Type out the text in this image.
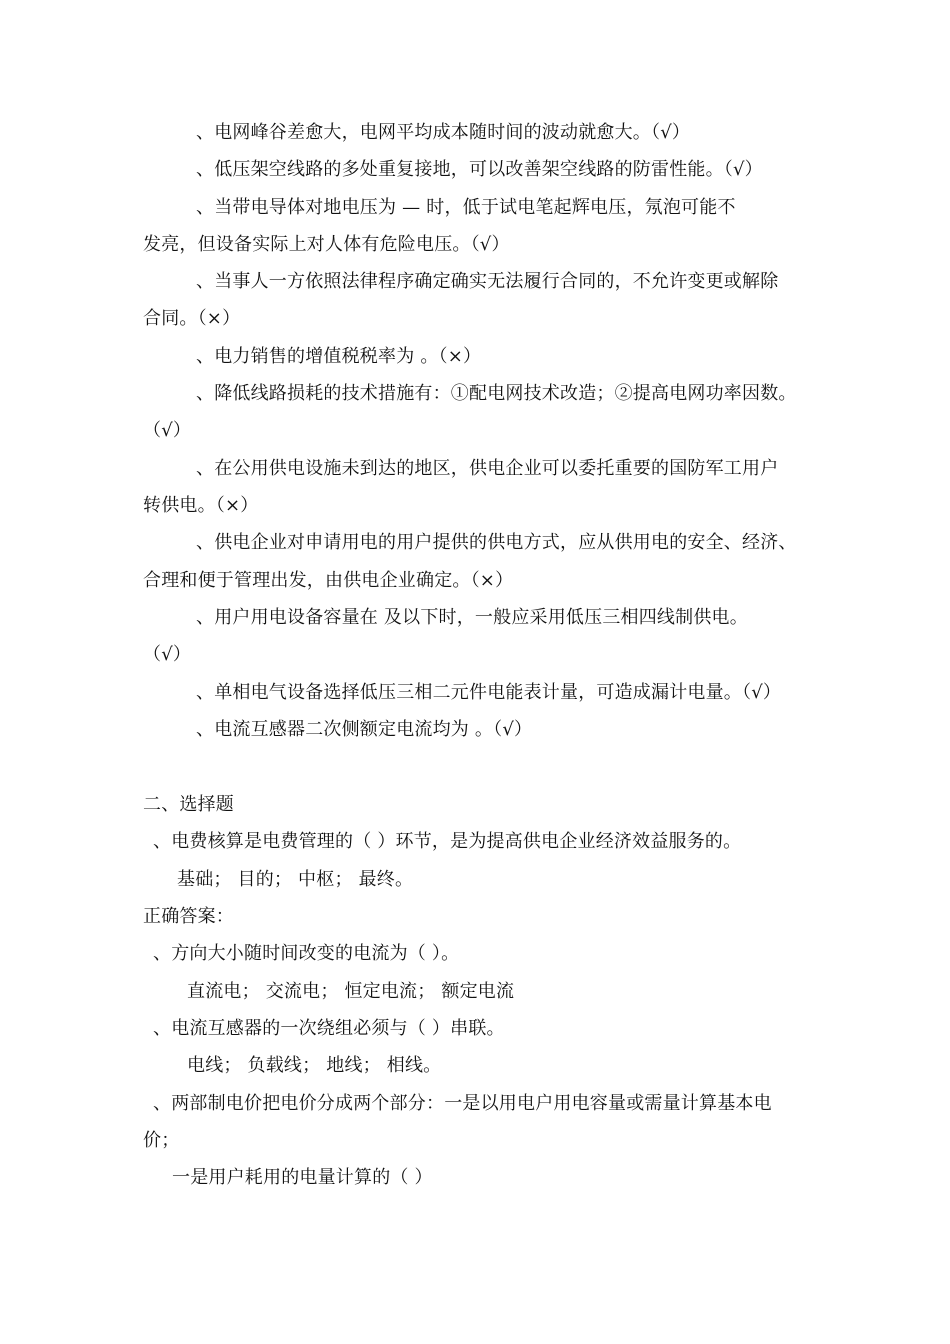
、电网峰谷差愈大，电网平均成本随时间的波动就愈大。（√）
、低压架空线路的多处重复接地，可以改善架空线路的防雷性能。（√）
、当带电导体对地电压为 — 时，低于试电笔起辉电压，氖泡可能不
发亮，但设备实际上对人体有危险电压。（√）
、当事人一方依照法律程序确定确实无法履行合同的，不允许变更或解除
合同。（×）
、电力销售的增值税税率为 。（×）
、降低线路损耗的技术措施有：①配电网技术改造；②提高电网功率因数。
（√）
、在公用供电设施未到达的地区，供电企业可以委托重要的国防军工用户
转供电。（×）
、供电企业对申请用电的用户提供的供电方式，应从供用电的安全、经济、
合理和便于管理出发，由供电企业确定。（×）
、用户用电设备容量在 及以下时，一般应采用低压三相四线制供电。
（√）
、单相电气设备选择低压三相二元件电能表计量，可造成漏计电量。（√）
、电流互感器二次侧额定电流均为 。（√）
二、选择题
、电费核算是电费管理的（ ）环节，是为提高供电企业经济效益服务的。
基础； 目的； 中枢； 最终。
正确答案：
、方向大小随时间改变的电流为（ ）。
直流电； 交流电； 恒定电流； 额定电流
、电流互感器的一次绕组必须与（ ）串联。
电线； 负载线； 地线； 相线。
、两部制电价把电价分成两个部分：一是以用电户用电容量或需量计算基本电
价；
一是用户耗用的电量计算的（ ）
